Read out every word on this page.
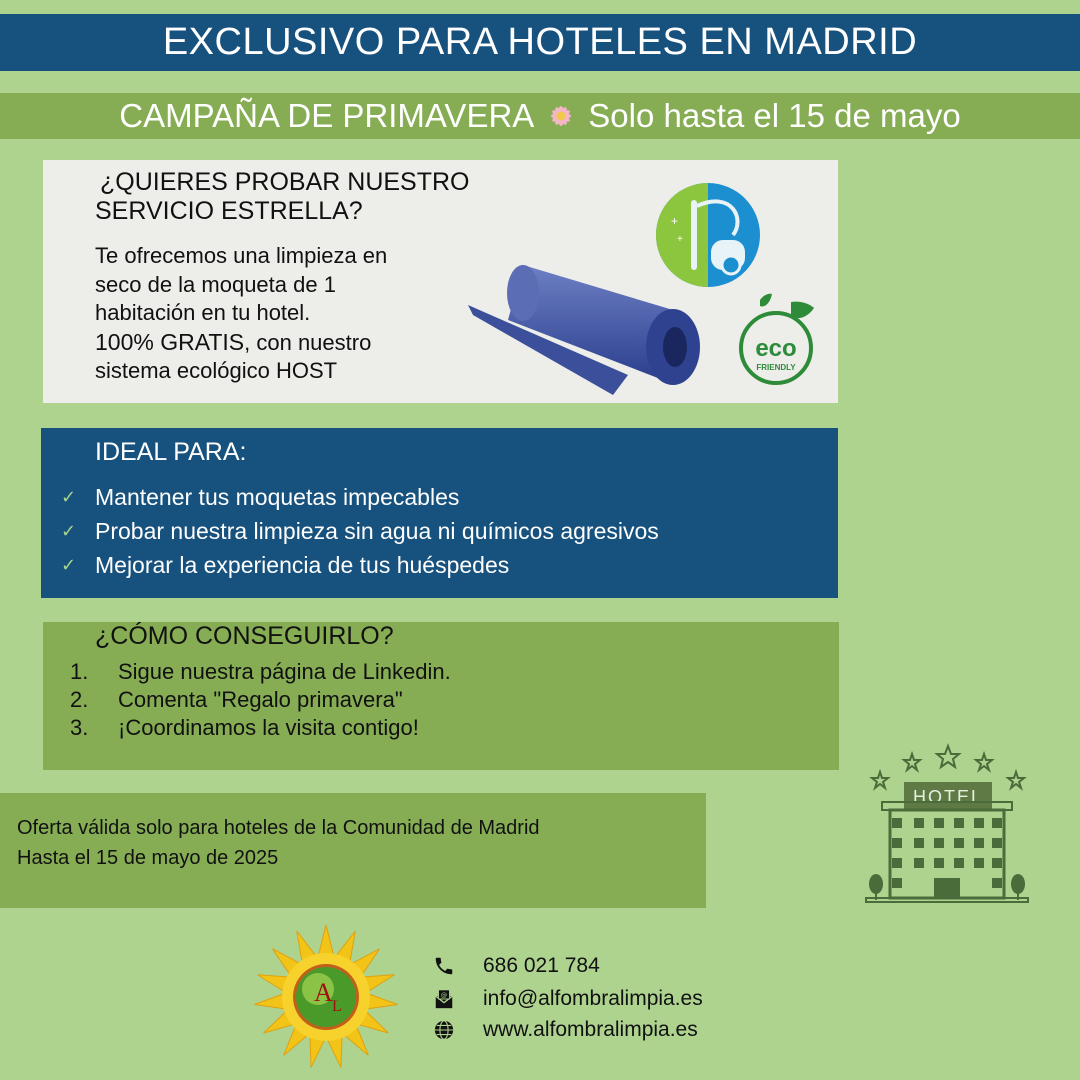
EXCLUSIVO PARA HOTELES EN MADRID
CAMPAÑA DE PRIMAVERA Solo hasta el 15 de mayo
¿QUIERES PROBAR NUESTRO
SERVICIO ESTRELLA?
Te ofrecemos una limpieza en
seco de la moqueta de 1
habitación en tu hotel.
100% GRATIS, con nuestro
sistema ecológico HOST
+
+
eco
FRIENDLY
IDEAL PARA:
✓ Mantener tus moquetas impecables
✓ Probar nuestra limpieza sin agua ni químicos agresivos
✓ Mejorar la experiencia de tus huéspedes
¿CÓMO CONSEGUIRLO?
1.	Sigue nuestra página de Linkedin.
2.	Comenta "Regalo primavera"
3.	¡Coordinamos la visita contigo!
Oferta válida solo para hoteles de la Comunidad de Madrid
Hasta el 15 de mayo de 2025
HOTEL
A L
686 021 784
@ info@alfombralimpia.es
www.alfombralimpia.es
